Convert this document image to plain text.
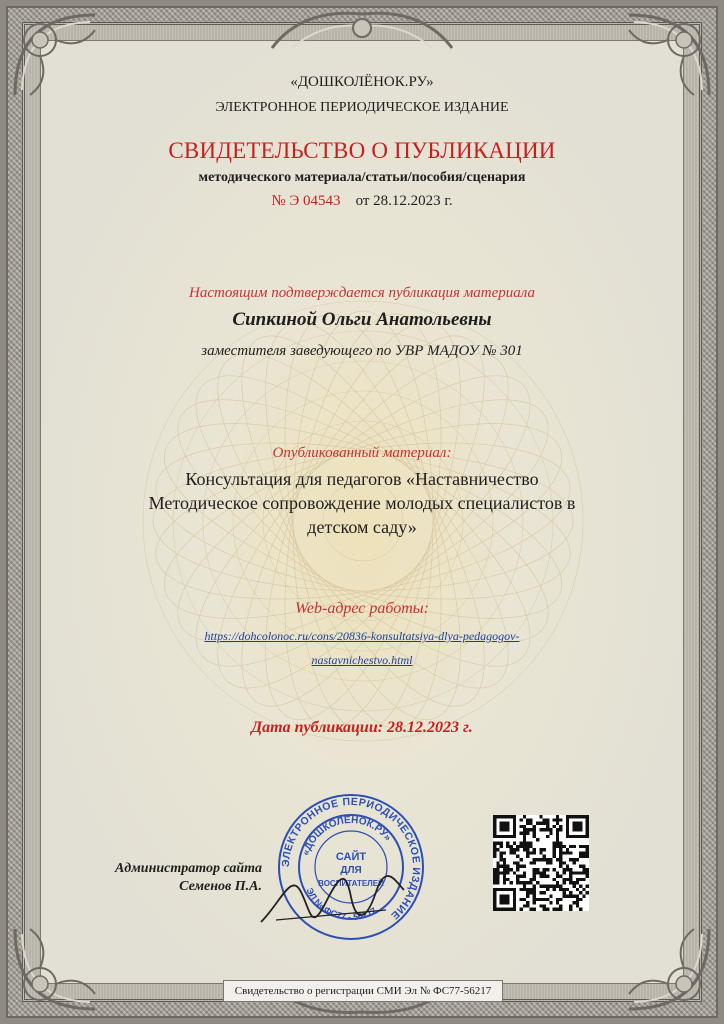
«ДОШКОЛЁНОК.РУ»
ЭЛЕКТРОННОЕ ПЕРИОДИЧЕСКОЕ ИЗДАНИЕ
СВИДЕТЕЛЬСТВО О ПУБЛИКАЦИИ
методического материала/статьи/пособия/сценария
№ Э 04543 от 28.12.2023 г.
Настоящим подтверждается публикация материала
Сипкиной Ольги Анатольевны
заместителя заведующего по УВР МАДОУ № 301
Опубликованный материал:
Консультация для педагогов «Наставничество Методическое сопровождение молодых специалистов в детском саду»
Web-адрес работы:
https://dohcolonoc.ru/cons/20836-konsultatsiya-dlya-pedagogov-
nastavnichestvo.html
Дата публикации: 28.12.2023 г.
Администратор сайта
Семенов П.А.
ЭЛЕКТРОННОЕ ПЕРИОДИЧЕСКОЕ ИЗДАНИЕ
«ДОШКОЛЁНОК.РУ»
ЭЛ № ФС77 - 56217
САЙТ
ДЛЯ
ВОСПИТАТЕЛЕЙ
Свидетельство о регистрации СМИ Эл № ФС77-56217
